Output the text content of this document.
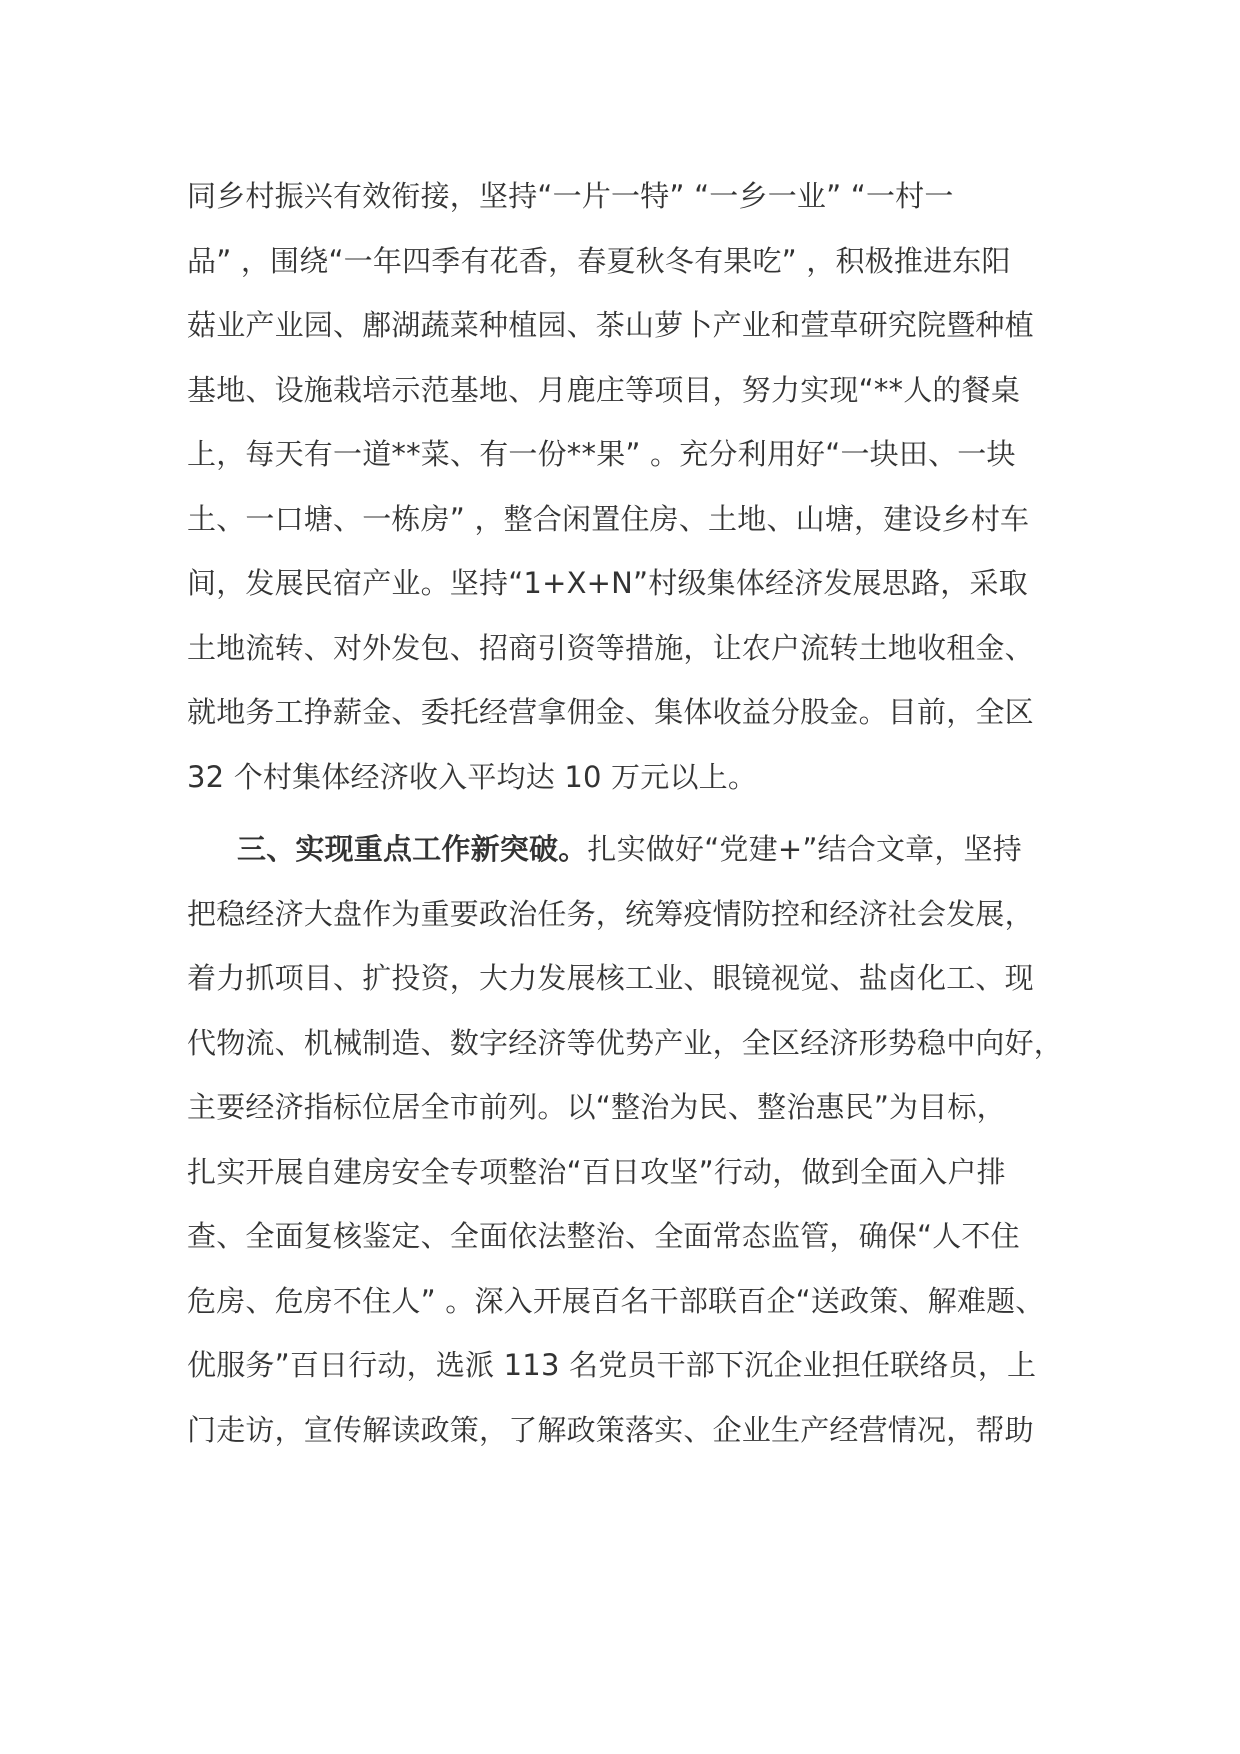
同乡村振兴有效衔接，坚持“一片一特” “一乡一业” “一村一
品” ，围绕“一年四季有花香，春夏秋冬有果吃” ，积极推进东阳
菇业产业园、鄌湖蔬菜种植园、茶山萝卜产业和萱草研究院暨种植
基地、设施栽培示范基地、月鹿庄等项目，努力实现“**人的餐桌
上，每天有一道**菜、有一份**果” 。充分利用好“一块田、一块
土、一口塘、一栋房” ，整合闲置住房、土地、山塘，建设乡村车
间，发展民宿产业。坚持“1+X+N”村级集体经济发展思路，采取
土地流转、对外发包、招商引资等措施，让农户流转土地收租金、
就地务工挣薪金、委托经营拿佣金、集体收益分股金。目前，全区
32 个村集体经济收入平均达 10 万元以上。
三、实现重点工作新突破。扎实做好“党建+”结合文章，坚持
把稳经济大盘作为重要政治任务，统筹疫情防控和经济社会发展，
着力抓项目、扩投资，大力发展核工业、眼镜视觉、盐卤化工、现
代物流、机械制造、数字经济等优势产业，全区经济形势稳中向好，
主要经济指标位居全市前列。以“整治为民、整治惠民”为目标，
扎实开展自建房安全专项整治“百日攻坚”行动，做到全面入户排
查、全面复核鉴定、全面依法整治、全面常态监管，确保“人不住
危房、危房不住人” 。深入开展百名干部联百企“送政策、解难题、
优服务”百日行动，选派 113 名党员干部下沉企业担任联络员，上
门走访，宣传解读政策，了解政策落实、企业生产经营情况，帮助
